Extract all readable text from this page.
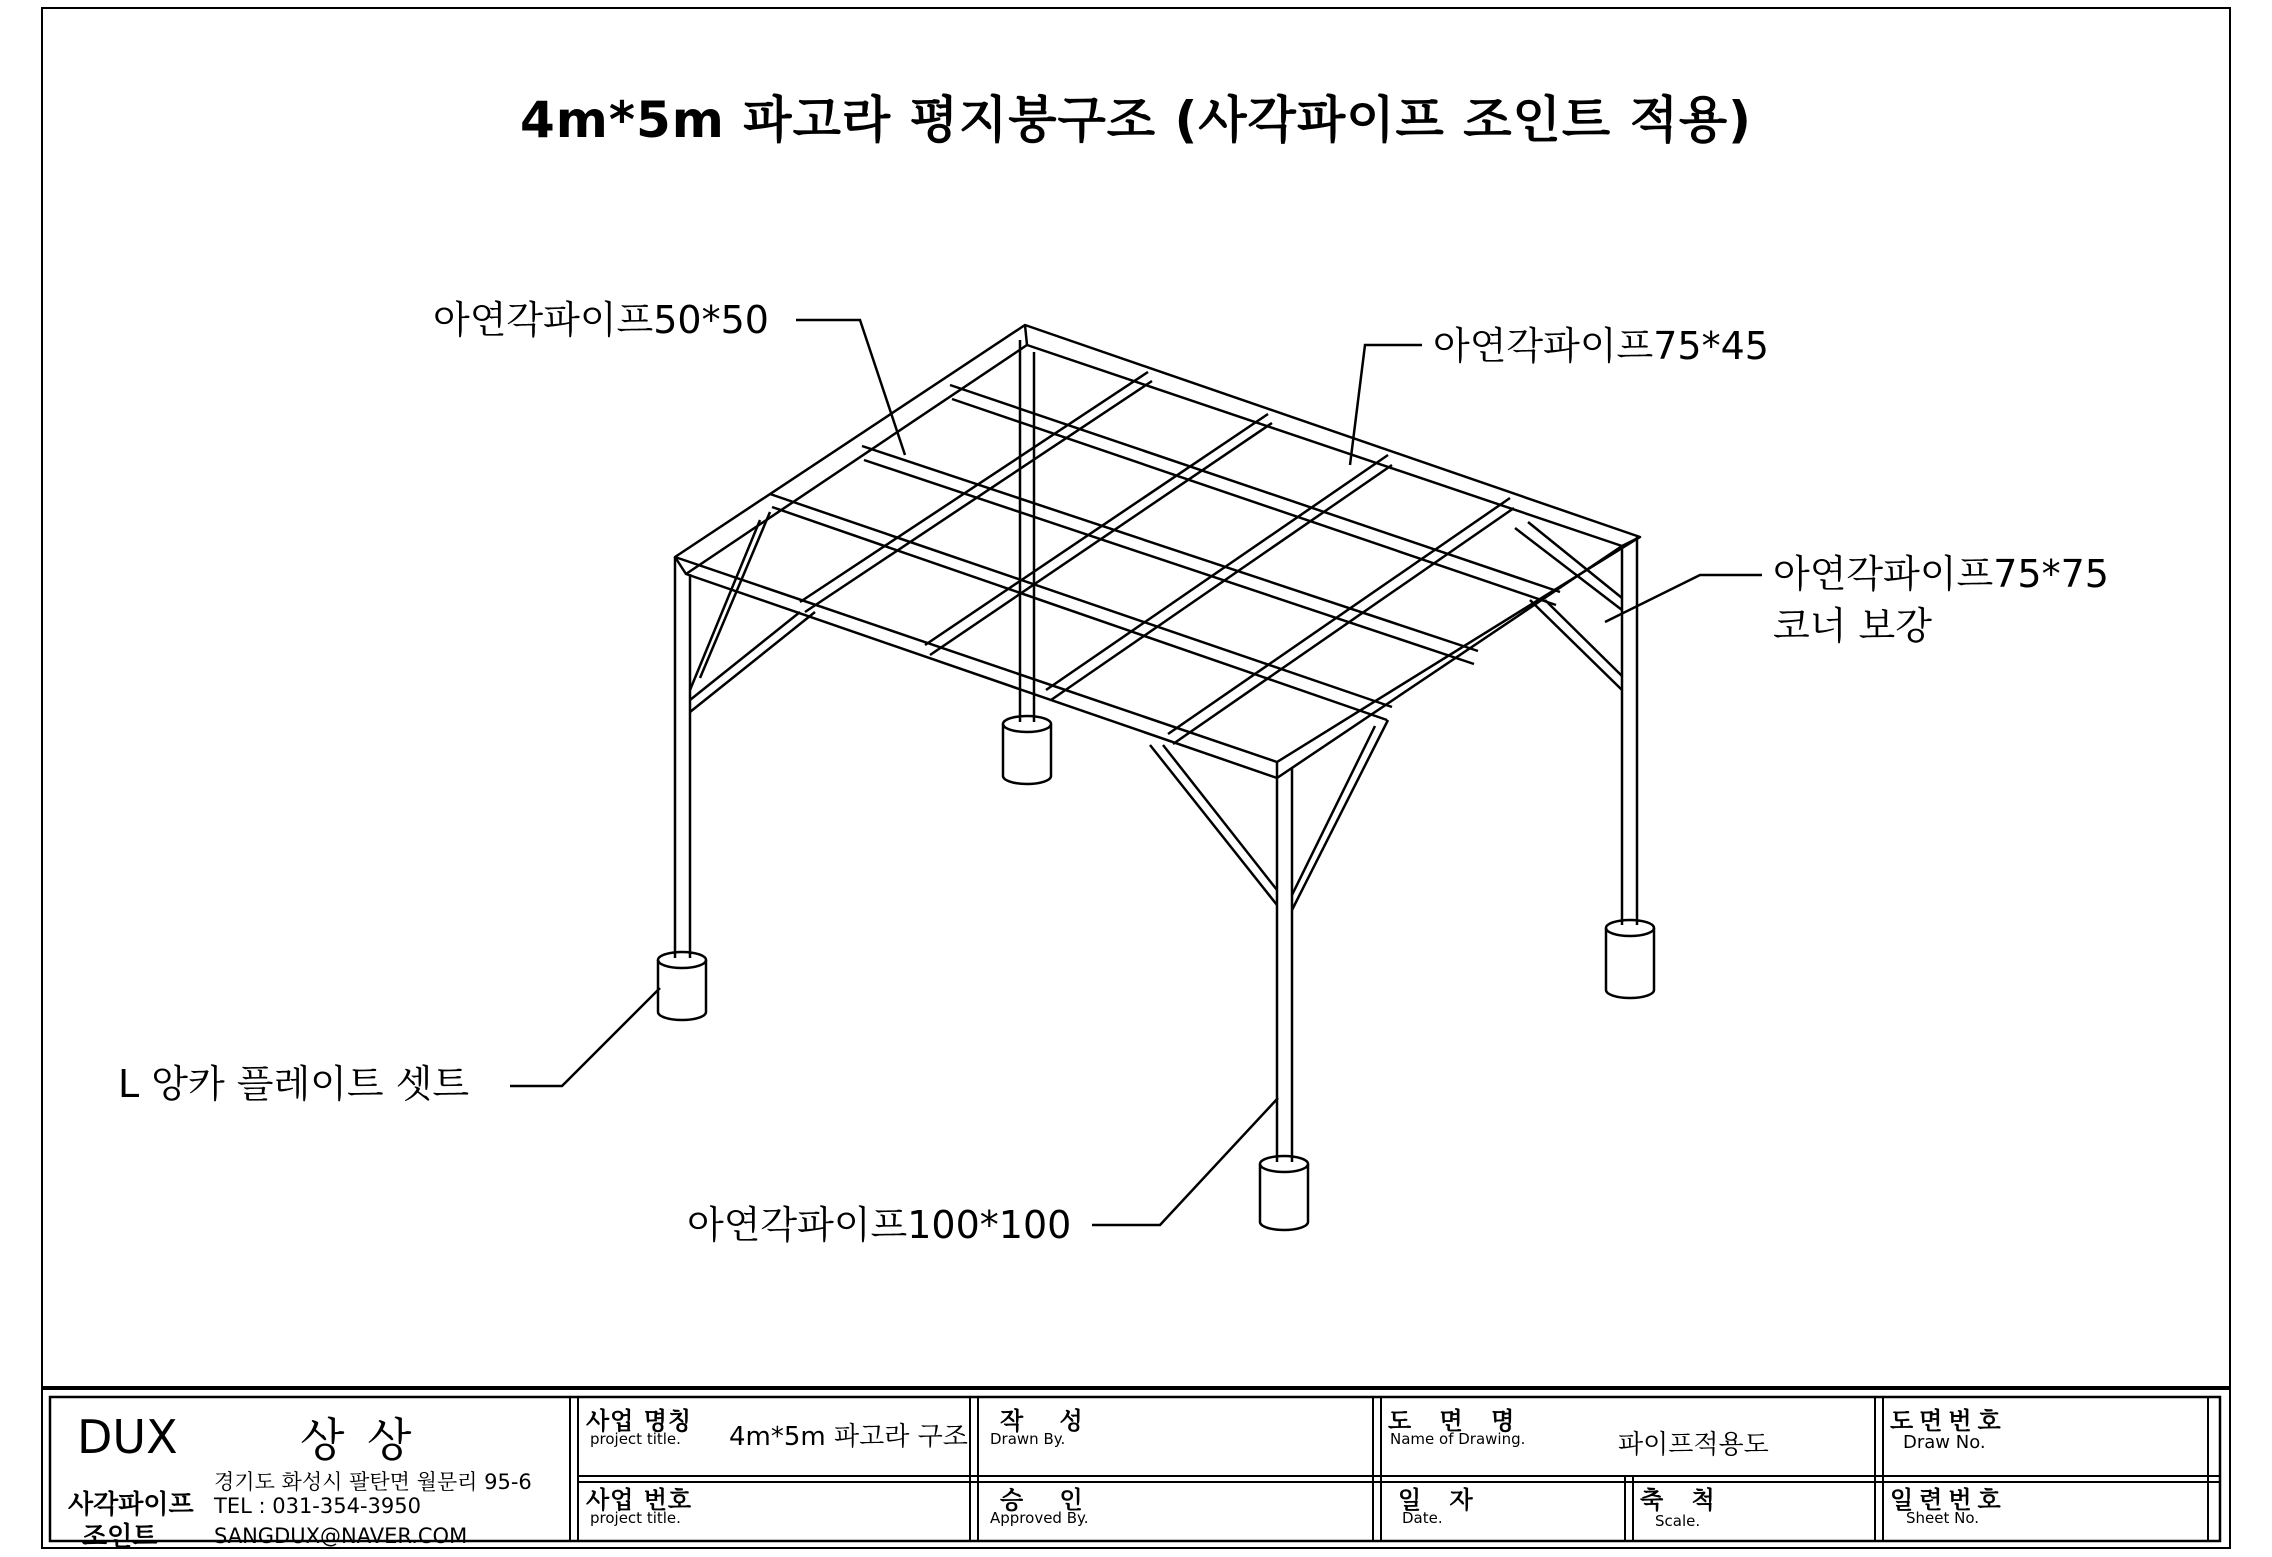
4m*5m 파고라 평지붕구조 (사각파이프 조인트 적용)
아연각파이프50*50
아연각파이프75*45
아연각파이프75*75
코너 보강
L 앙카 플레이트 셋트
아연각파이프100*100
DUX	상 상
사각파이프
조인트
경기도 화성시 팔탄면 월문리 95-6
TEL : 031-354-3950
SANGDUX@NAVER.COM
사업 명칭
project title. 4m*5m 파고라 구조
사업 번호
project title.
작 성
Drawn By.
승 인
Approved By.
도 면 명
Name of Drawing.	파이프적용도
일 자
Date.
축 척
Scale.
도면번호
Draw No.
일련번호
Sheet No.
